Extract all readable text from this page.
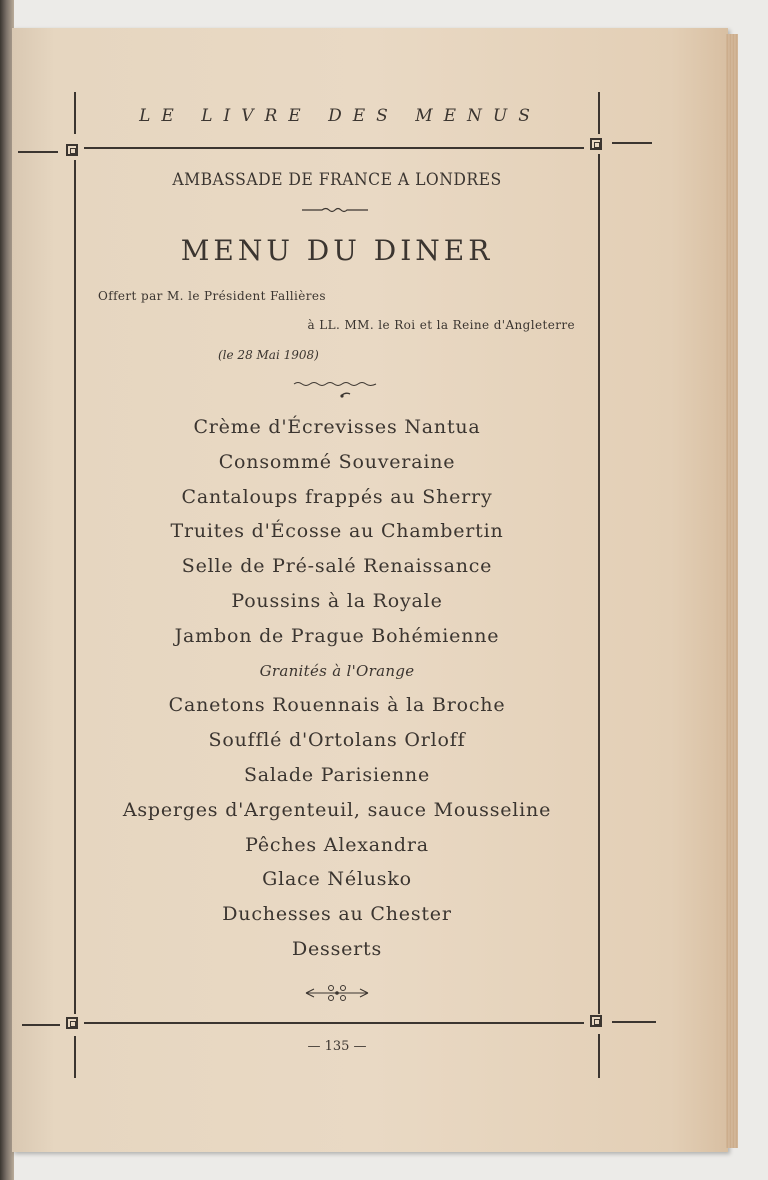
LE LIVRE DES MENUS
AMBASSADE DE FRANCE A LONDRES
MENU DU DINER
Offert par M. le Président Fallières
à LL. MM. le Roi et la Reine d'Angleterre
(le 28 Mai 1908)
Crème d'Écrevisses Nantua
Consommé Souveraine
Cantaloups frappés au Sherry
Truites d'Écosse au Chambertin
Selle de Pré-salé Renaissance
Poussins à la Royale
Jambon de Prague Bohémienne
Granités à l'Orange
Canetons Rouennais à la Broche
Soufflé d'Ortolans Orloff
Salade Parisienne
Asperges d'Argenteuil, sauce Mousseline
Pêches Alexandra
Glace Nélusko
Duchesses au Chester
Desserts
— 135 —
